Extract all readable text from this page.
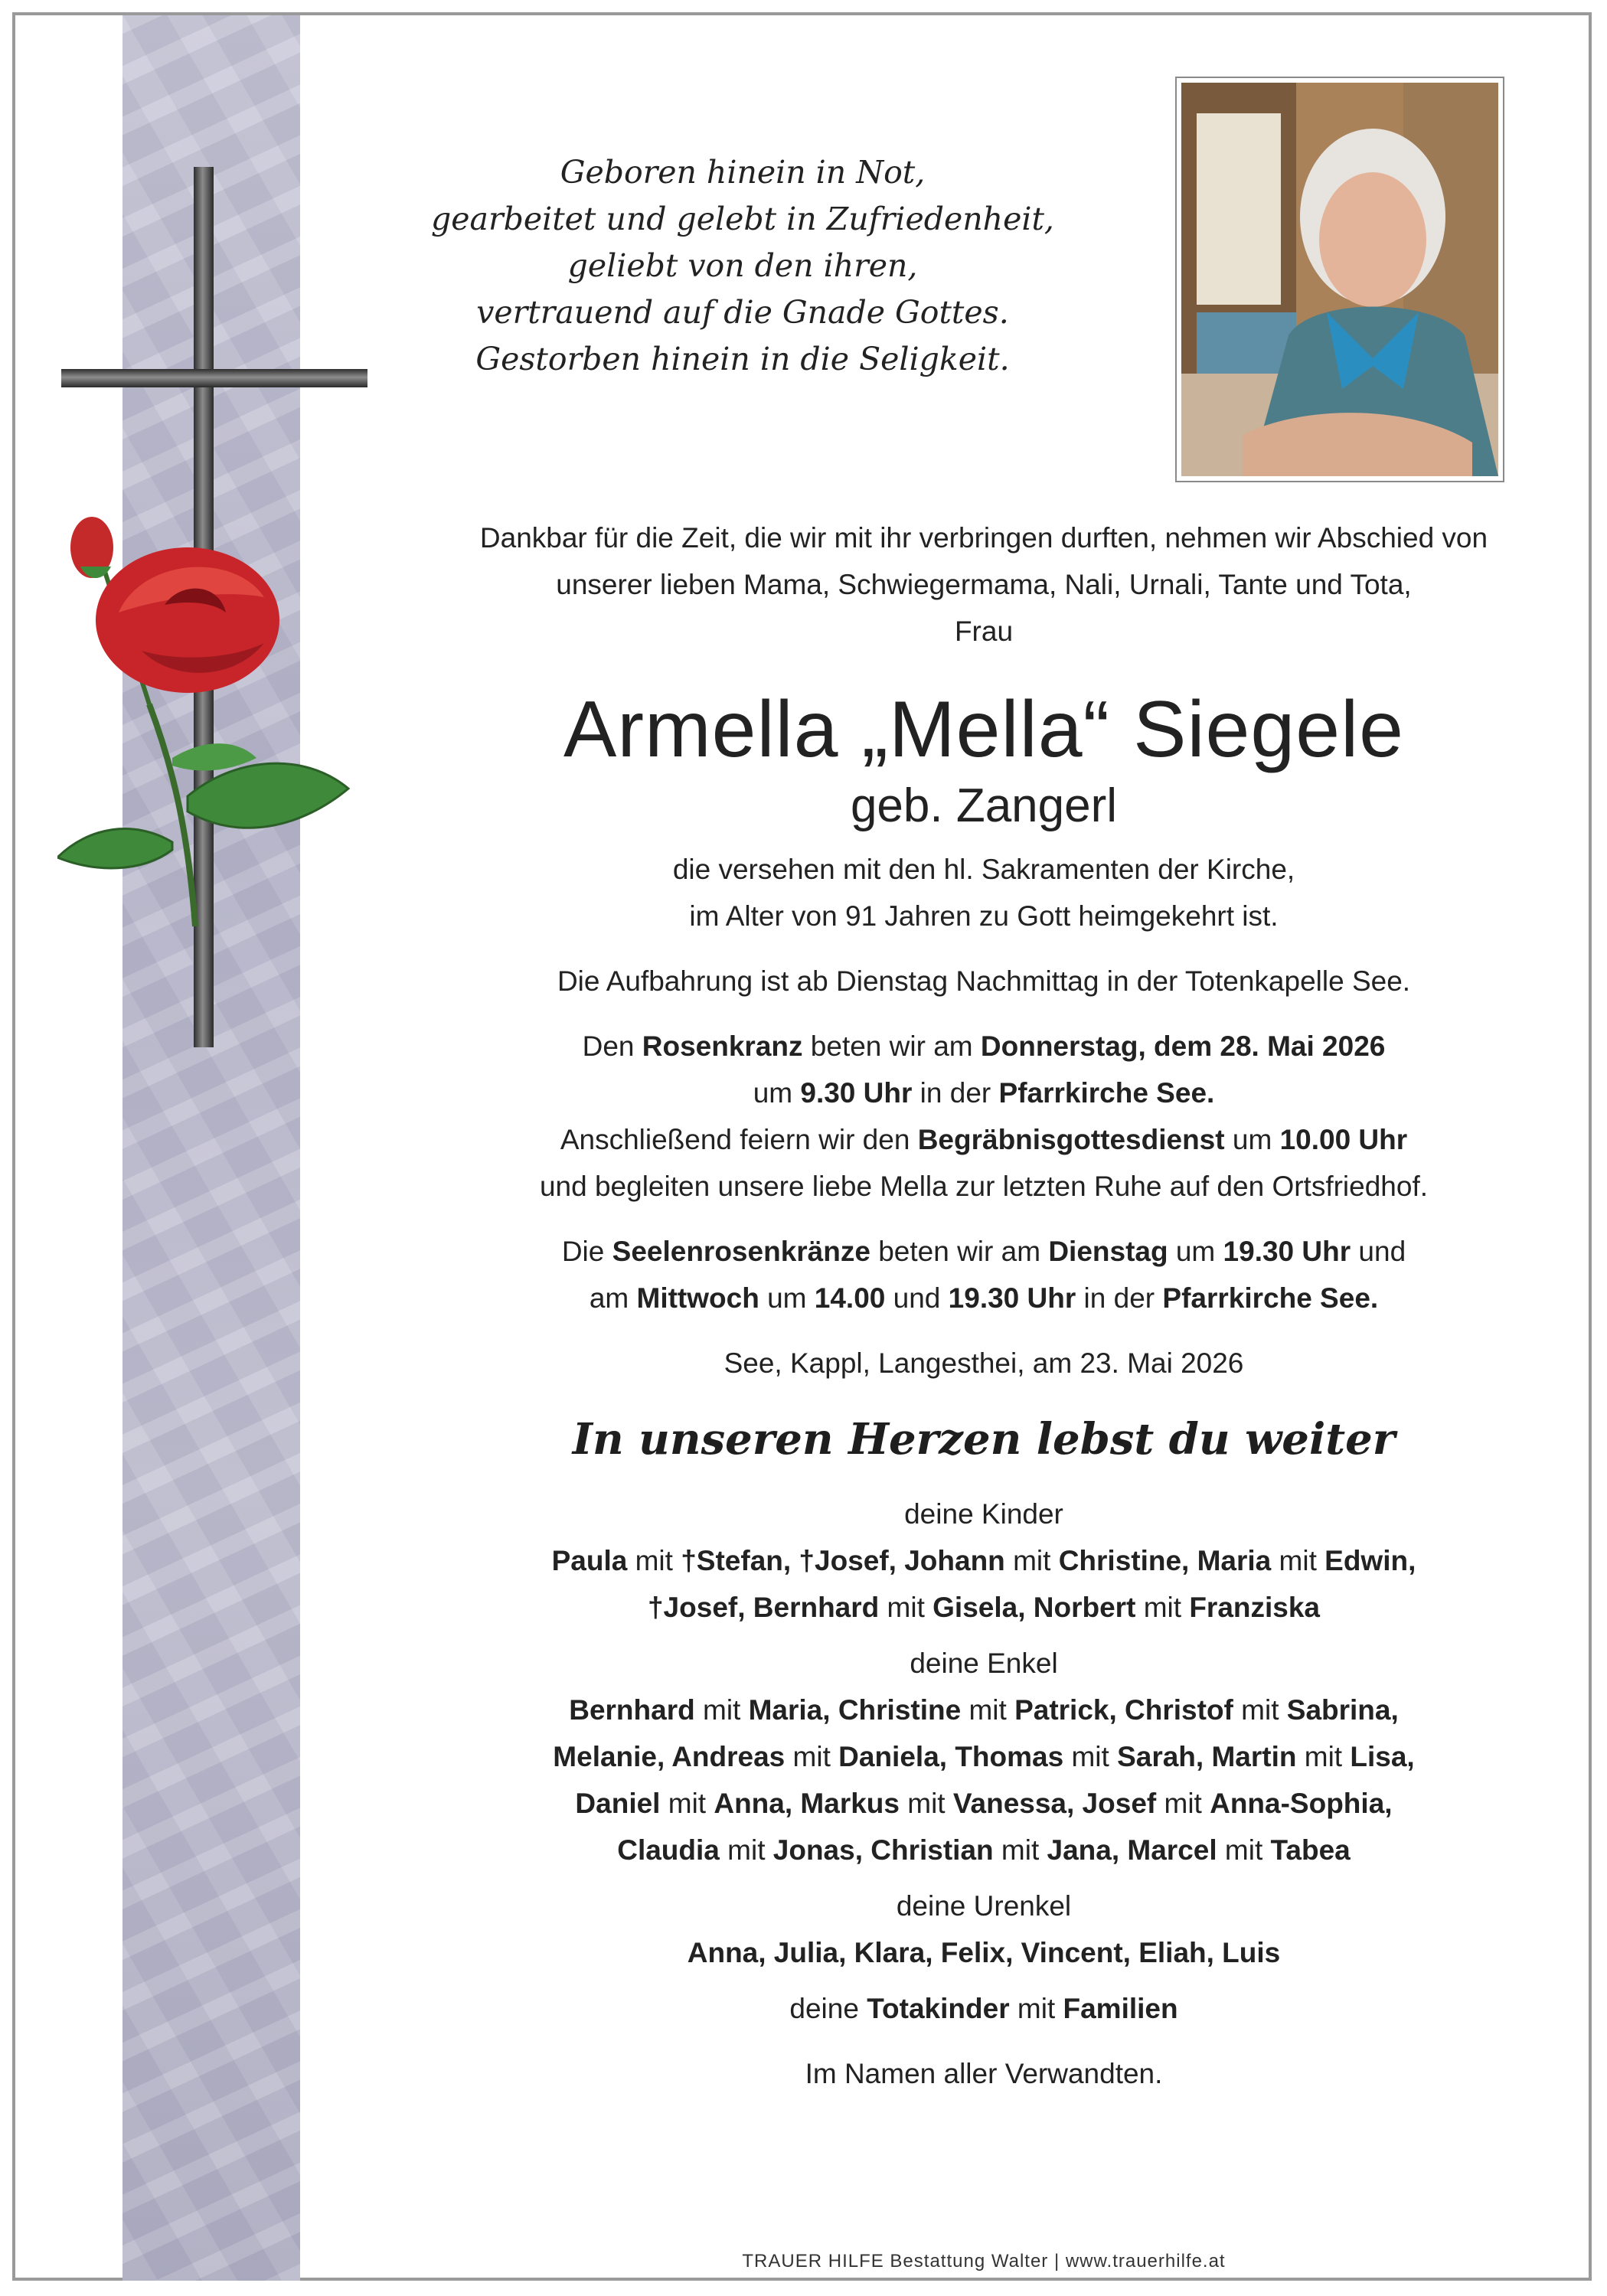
Geboren hinein in Not,
gearbeitet und gelebt in Zufriedenheit,
geliebt von den ihren,
vertrauend auf die Gnade Gottes.
Gestorben hinein in die Seligkeit.

Dankbar für die Zeit, die wir mit ihr verbringen durften, nehmen wir Abschied von

unserer lieben Mama, Schwiegermama, Nali, Urnali, Tante und Tota,

Frau

Armella „Mella“ Siegele
geb. Zangerl

die versehen mit den hl. Sakramenten der Kirche,

im Alter von 91 Jahren zu Gott heimgekehrt ist.

Die Aufbahrung ist ab Dienstag Nachmittag in der Totenkapelle See.

Den Rosenkranz beten wir am Donnerstag, dem 28. Mai 2026

um 9.30 Uhr in der Pfarrkirche See.

Anschließend feiern wir den Begräbnisgottesdienst um 10.00 Uhr

und begleiten unsere liebe Mella zur letzten Ruhe auf den Ortsfriedhof.

Die Seelenrosenkränze beten wir am Dienstag um 19.30 Uhr und

am Mittwoch um 14.00 und 19.30 Uhr in der Pfarrkirche See.

See, Kappl, Langesthei, am 23. Mai 2026

In unseren Herzen lebst du weiter

deine Kinder

Paula mit †Stefan, †Josef, Johann mit Christine, Maria mit Edwin,

†Josef, Bernhard mit Gisela, Norbert mit Franziska

deine Enkel

Bernhard mit Maria, Christine mit Patrick, Christof mit Sabrina,

Melanie, Andreas mit Daniela, Thomas mit Sarah, Martin mit Lisa,

Daniel mit Anna, Markus mit Vanessa, Josef mit Anna-Sophia,

Claudia mit Jonas, Christian mit Jana, Marcel mit Tabea

deine Urenkel

Anna, Julia, Klara, Felix, Vincent, Eliah, Luis

deine Totakinder mit Familien

Im Namen aller Verwandten.

TRAUER HILFE Bestattung Walter | www.trauerhilfe.at
